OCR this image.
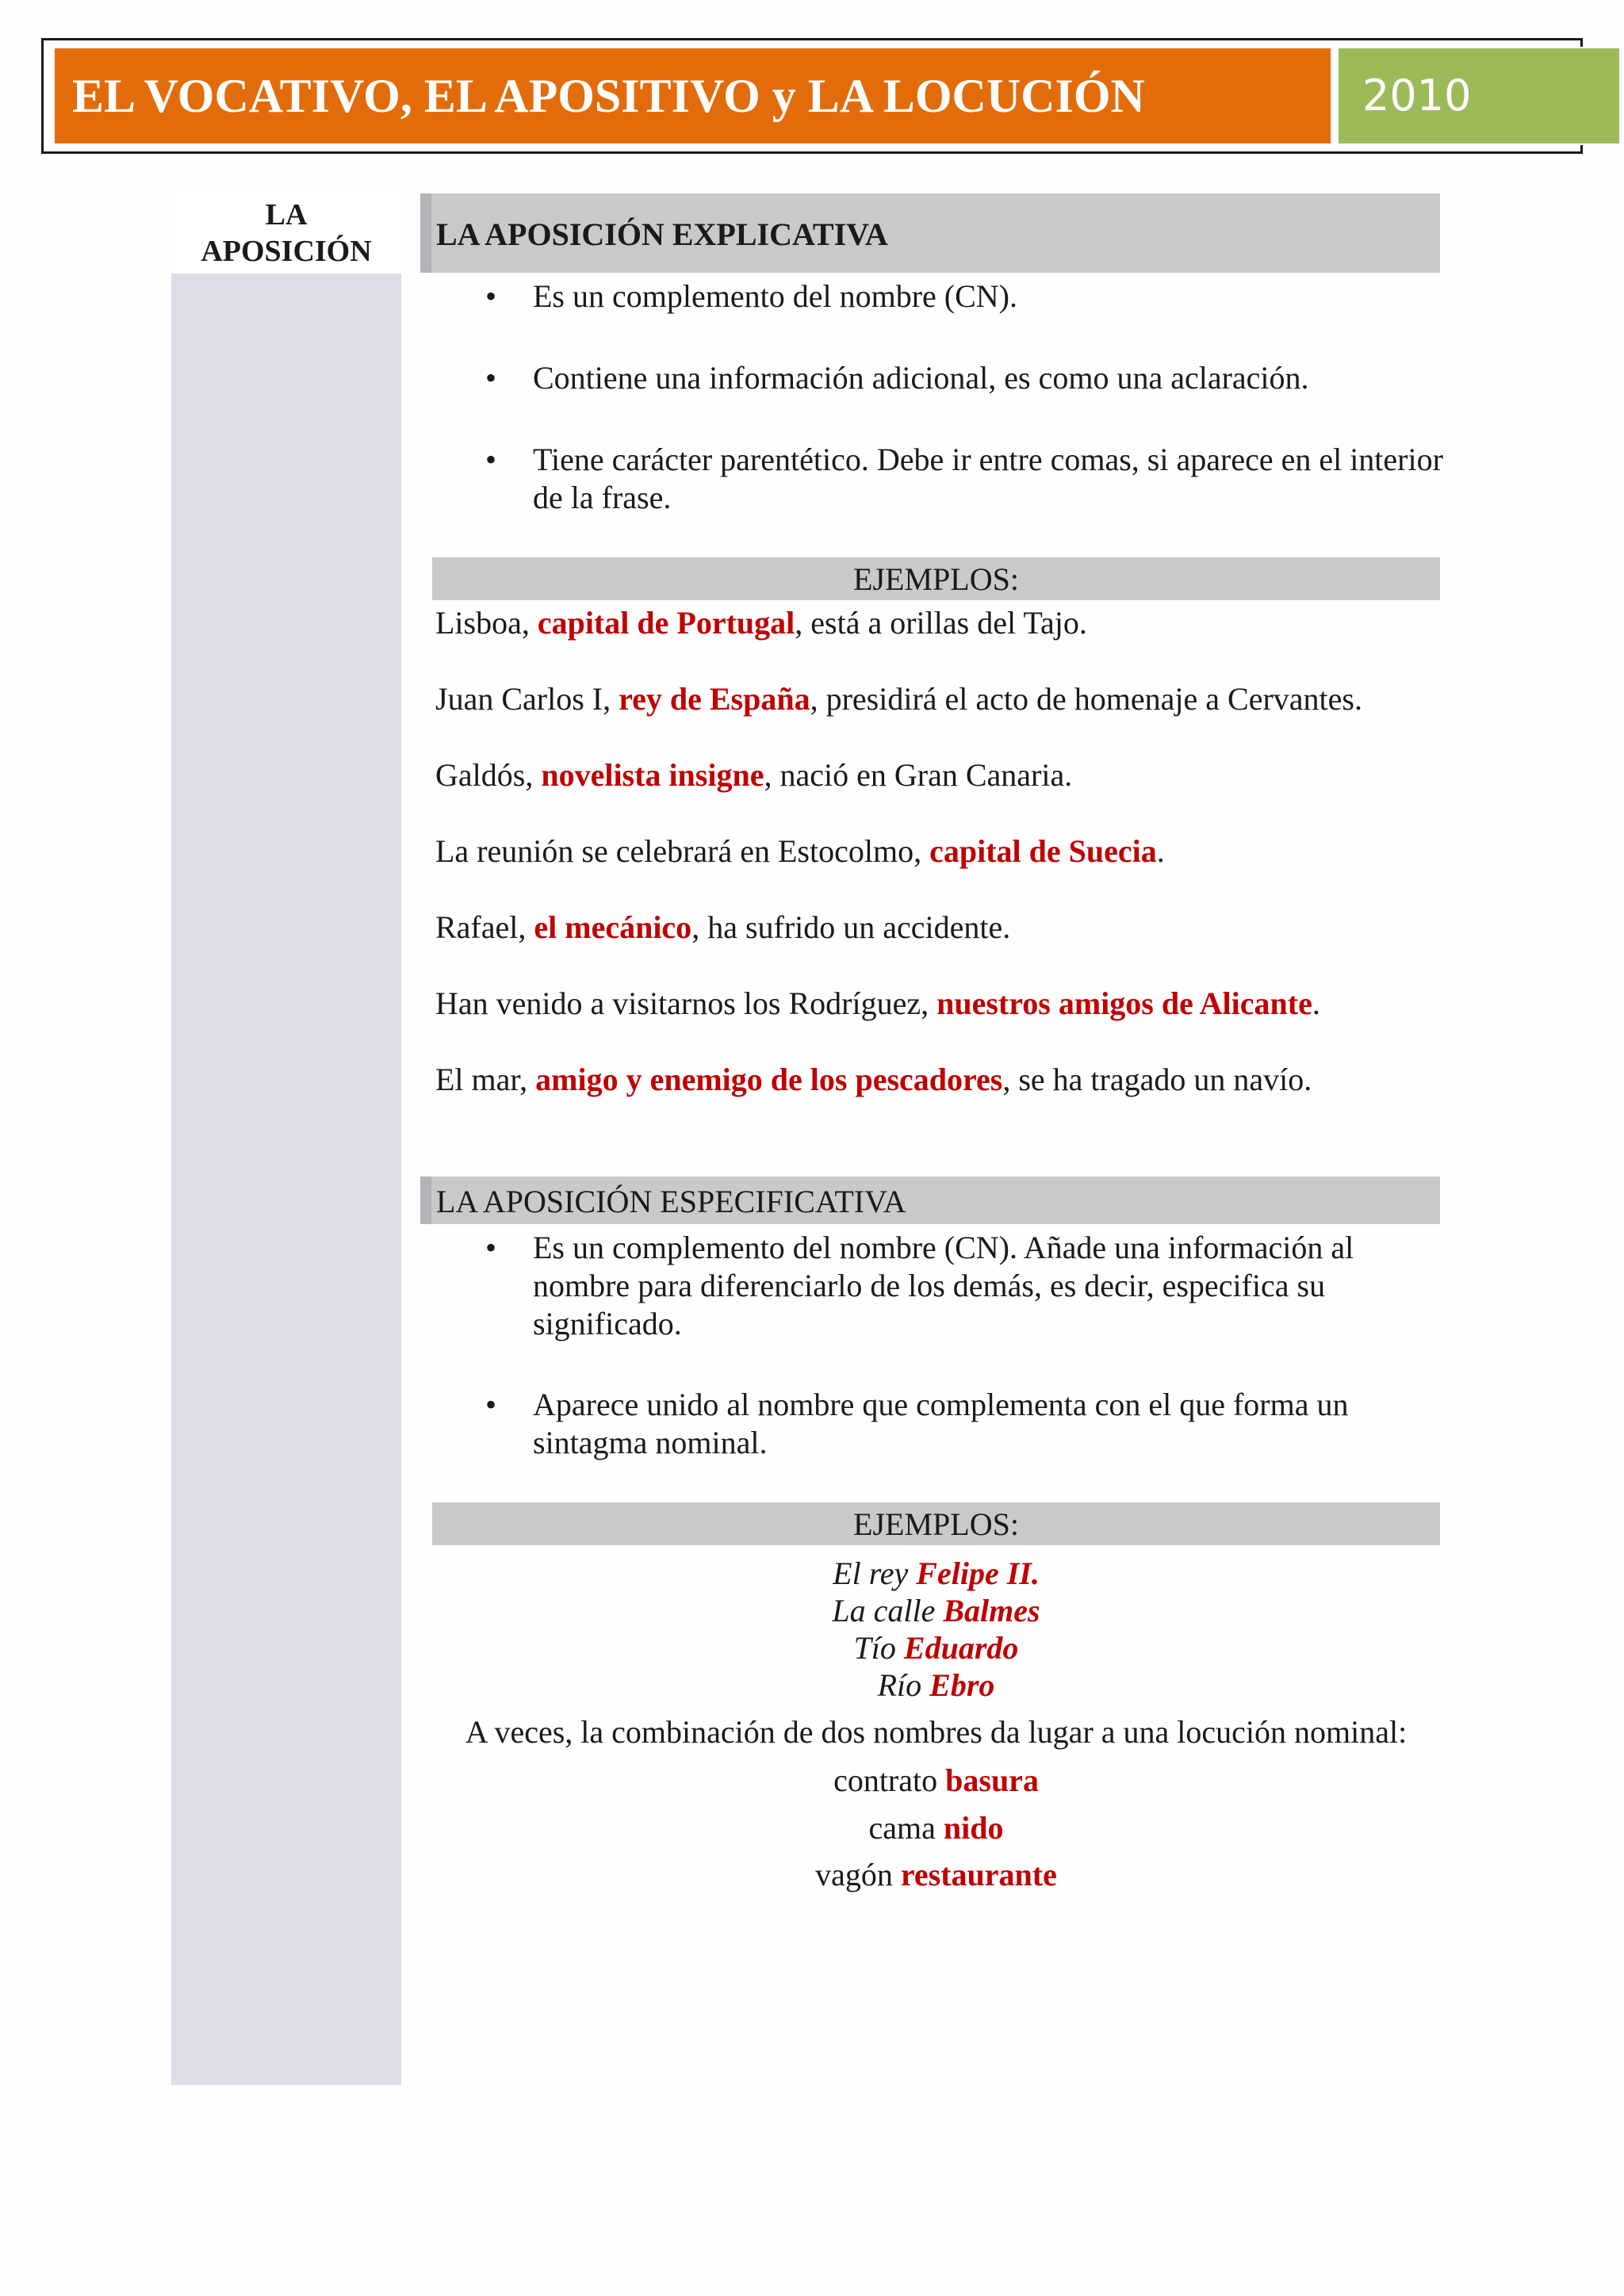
EL VOCATIVO, EL APOSITIVO y LA LOCUCIÓN	2010
LA
APOSICIÓN	LA APOSICIÓN EXPLICATIVA
• Es un complemento del nombre (CN).
• Contiene una información adicional, es como una aclaración.
• Tiene carácter parentético. Debe ir entre comas, si aparece en el interior de la frase.
EJEMPLOS:
Lisboa, capital de Portugal, está a orillas del Tajo.
Juan Carlos I, rey de España, presidirá el acto de homenaje a Cervantes.
Galdós, novelista insigne, nació en Gran Canaria.
La reunión se celebrará en Estocolmo, capital de Suecia.
Rafael, el mecánico, ha sufrido un accidente.
Han venido a visitarnos los Rodríguez, nuestros amigos de Alicante.
El mar, amigo y enemigo de los pescadores, se ha tragado un navío.
LA APOSICIÓN ESPECIFICATIVA
• Es un complemento del nombre (CN). Añade una información al nombre para diferenciarlo de los demás, es decir, especifica su significado.
• Aparece unido al nombre que complementa con el que forma un sintagma nominal.
EJEMPLOS:
El rey Felipe II.
La calle Balmes
Tío Eduardo
Río Ebro
A veces, la combinación de dos nombres da lugar a una locución nominal:
contrato basura
cama nido
vagón restaurante
